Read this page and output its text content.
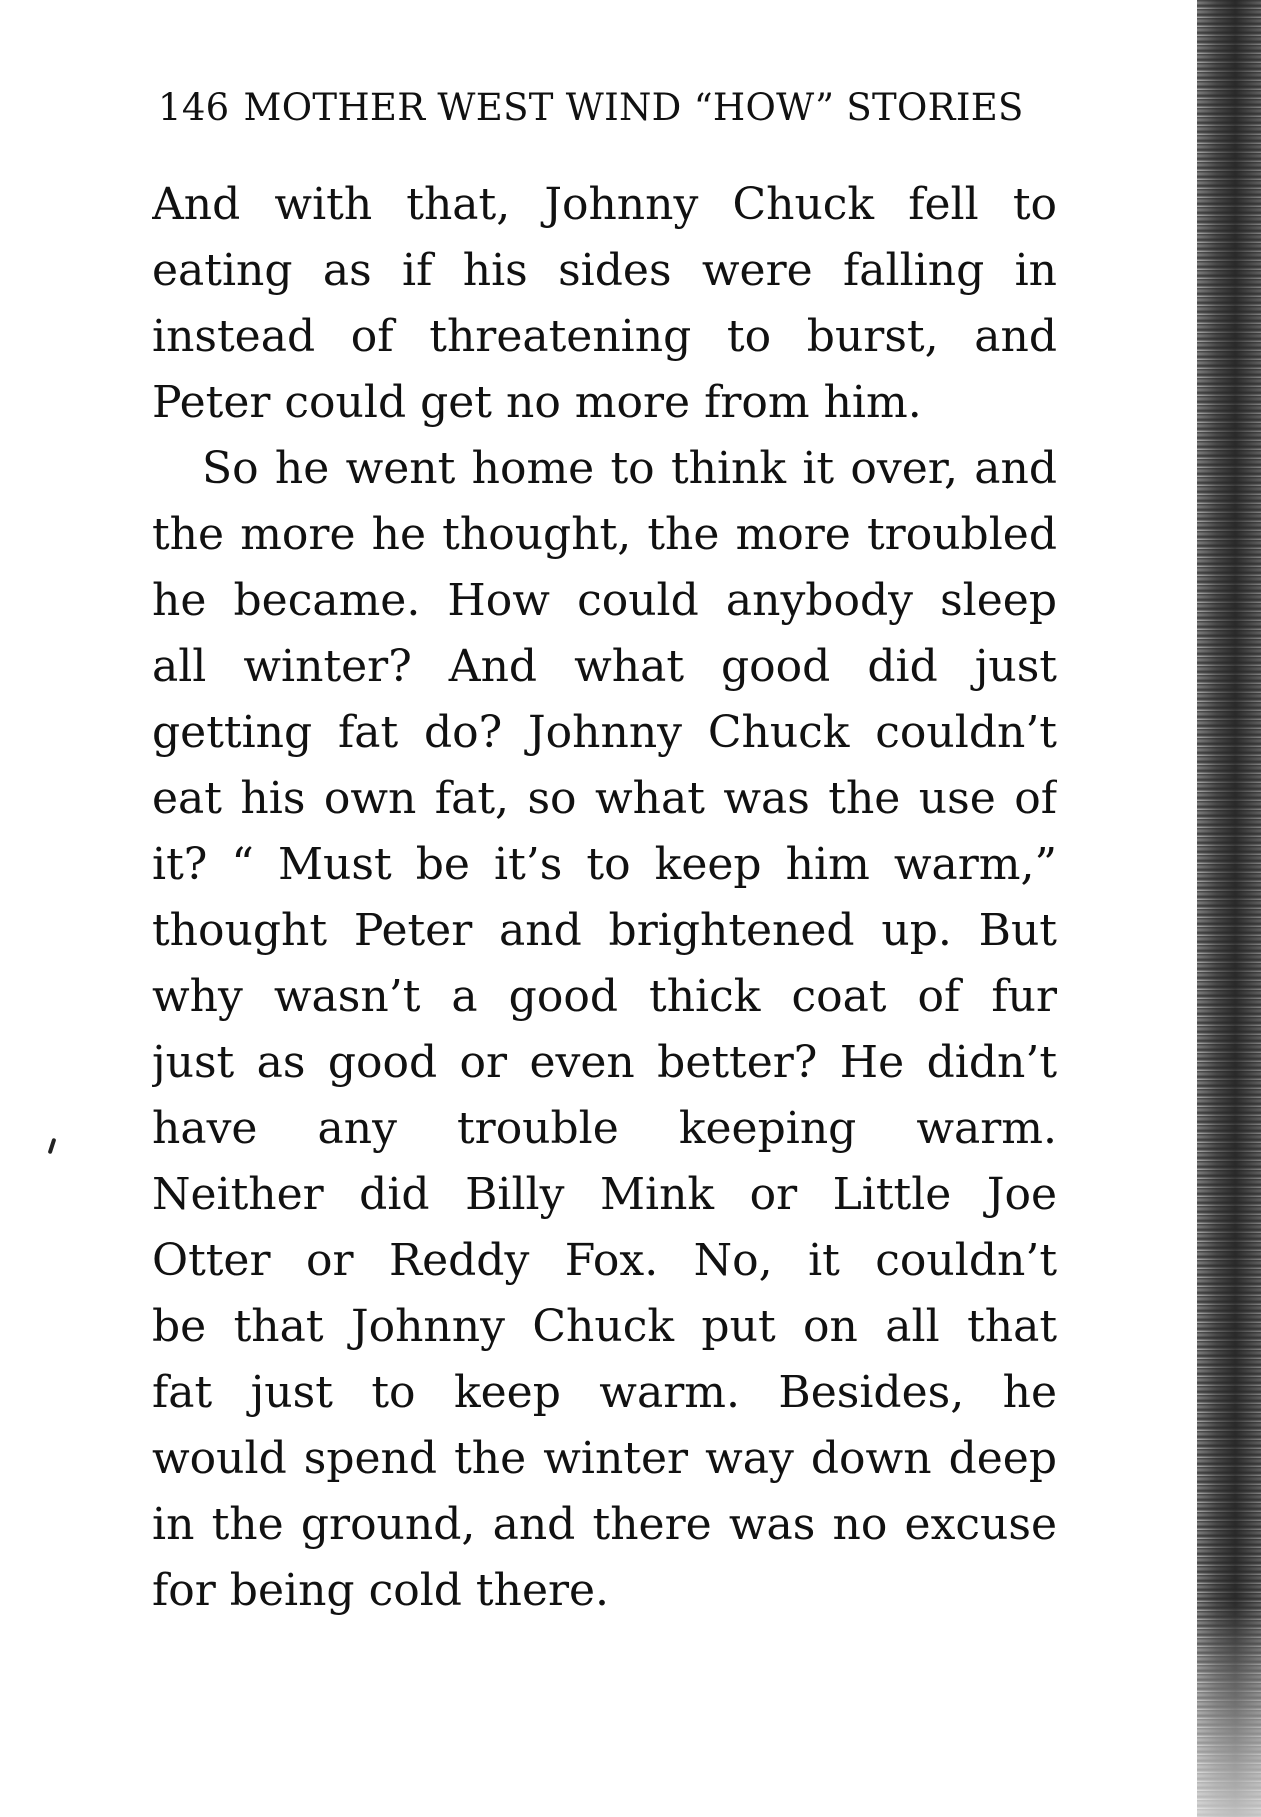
146 MOTHER WEST WIND “HOW” STORIES
And with that, Johnny Chuck fell to
eating as if his sides were falling in
instead of threatening to burst, and
Peter could get no more from him.
So he went home to think it over, and
the more he thought, the more troubled
he became. How could anybody sleep
all winter? And what good did just
getting fat do? Johnny Chuck couldn’t
eat his own fat, so what was the use of
it? “ Must be it’s to keep him warm,”
thought Peter and brightened up. But
why wasn’t a good thick coat of fur
just as good or even better? He didn’t
have any trouble keeping warm.
Neither did Billy Mink or Little Joe
Otter or Reddy Fox. No, it couldn’t
be that Johnny Chuck put on all that
fat just to keep warm. Besides, he
would spend the winter way down deep
in the ground, and there was no excuse
for being cold there.
